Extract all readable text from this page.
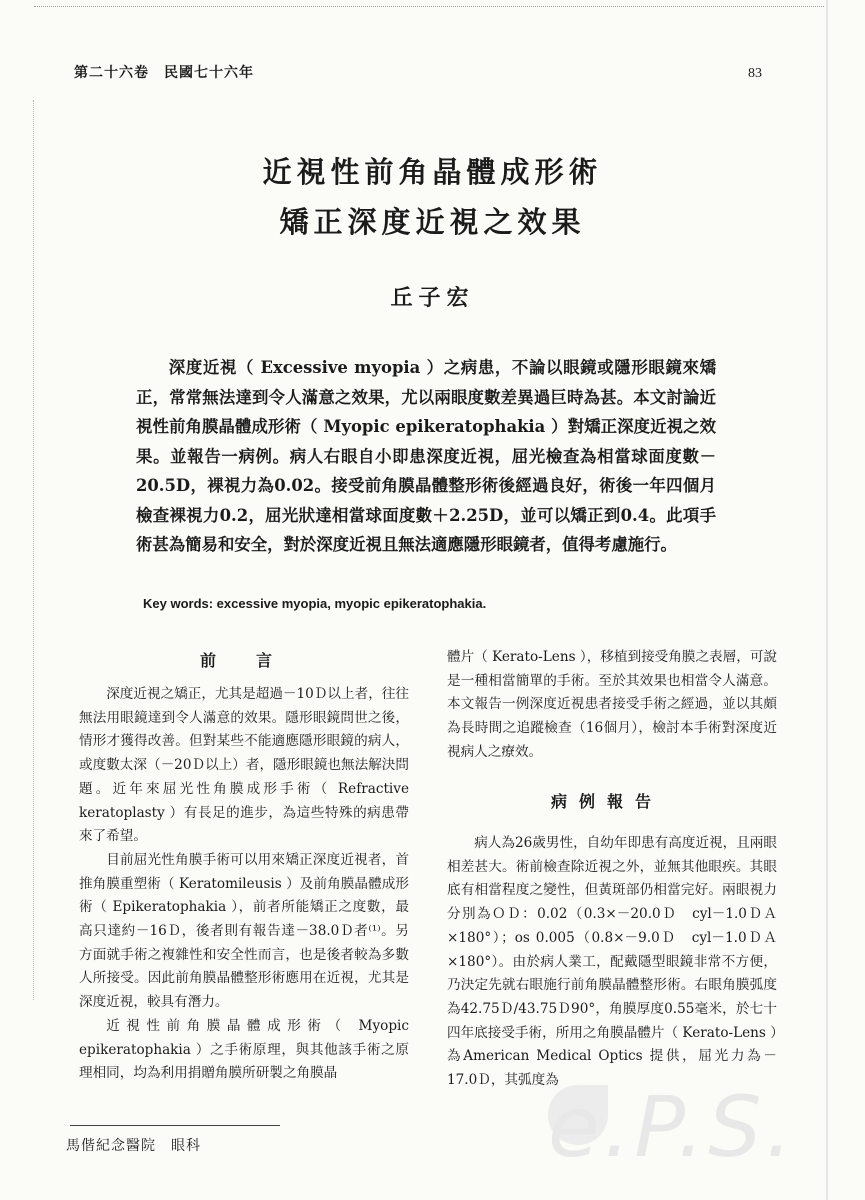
第二十六卷　民國七十六年	83
近視性前角晶體成形術
矯正深度近視之效果
丘子宏

深度近視（ Excessive myopia ）之病患，不論以眼鏡或隱形眼鏡來矯正，常常無法達到令人滿意之效果，尤以兩眼度數差異過巨時為甚。本文討論近視性前角膜晶體成形術（ Myopic epikeratophakia ）對矯正深度近視之效果。並報告一病例。病人右眼自小即患深度近視，屈光檢查為相當球面度數－20.5D，裸視力為0.02。接受前角膜晶體整形術後經過良好，術後一年四個月檢查裸視力0.2，屈光狀達相當球面度數＋2.25D，並可以矯正到0.4。此項手術甚為簡易和安全，對於深度近視且無法適應隱形眼鏡者，值得考慮施行。

Key words: excessive myopia, myopic epikeratophakia.
前　言

深度近視之矯正，尤其是超過－10Ｄ以上者，往往無法用眼鏡達到令人滿意的效果。隱形眼鏡問世之後，情形才獲得改善。但對某些不能適應隱形眼鏡的病人，或度數太深（－20Ｄ以上）者，隱形眼鏡也無法解決問題。近年來屈光性角膜成形手術（ Refractive keratoplasty ）有長足的進步，為這些特殊的病患帶來了希望。

目前屈光性角膜手術可以用來矯正深度近視者，首推角膜重塑術（ Keratomileusis ）及前角膜晶體成形術（ Epikeratophakia ），前者所能矯正之度數，最高只達約－16Ｄ，後者則有報告達－38.0Ｄ者⁽¹⁾。另方面就手術之複雜性和安全性而言，也是後者較為多數人所接受。因此前角膜晶體整形術應用在近視，尤其是深度近視，較具有潛力。

近視性前角膜晶體成形術（ Myopic epikeratophakia ）之手術原理，與其他該手術之原理相同，均為利用捐贈角膜所研製之角膜晶

體片（ Kerato-Lens ），移植到接受角膜之表層，可說是一種相當簡單的手術。至於其效果也相當令人滿意。本文報告一例深度近視患者接受手術之經過，並以其頗為長時間之追蹤檢查（16個月），檢討本手術對深度近視病人之療效。

病例報告

病人為26歲男性，自幼年即患有高度近視，且兩眼相差甚大。術前檢查除近視之外，並無其他眼疾。其眼底有相當程度之變性，但黃斑部仍相當完好。兩眼視力分別為ＯＤ：0.02（0.3×－20.0Ｄ　cyl－1.0ＤＡ×180°）；os 0.005（0.8×－9.0Ｄ　cyl－1.0ＤＡ×180°）。由於病人業工，配戴隱型眼鏡非常不方便，乃決定先就右眼施行前角膜晶體整形術。右眼角膜弧度為42.75Ｄ/43.75Ｄ90°，角膜厚度0.55毫米，於七十四年底接受手術，所用之角膜晶體片（ Kerato-Lens ）為American Medical Optics 提供，屈光力為－17.0Ｄ，其弧度為

e.P.S.
馬偕紀念醫院　眼科
